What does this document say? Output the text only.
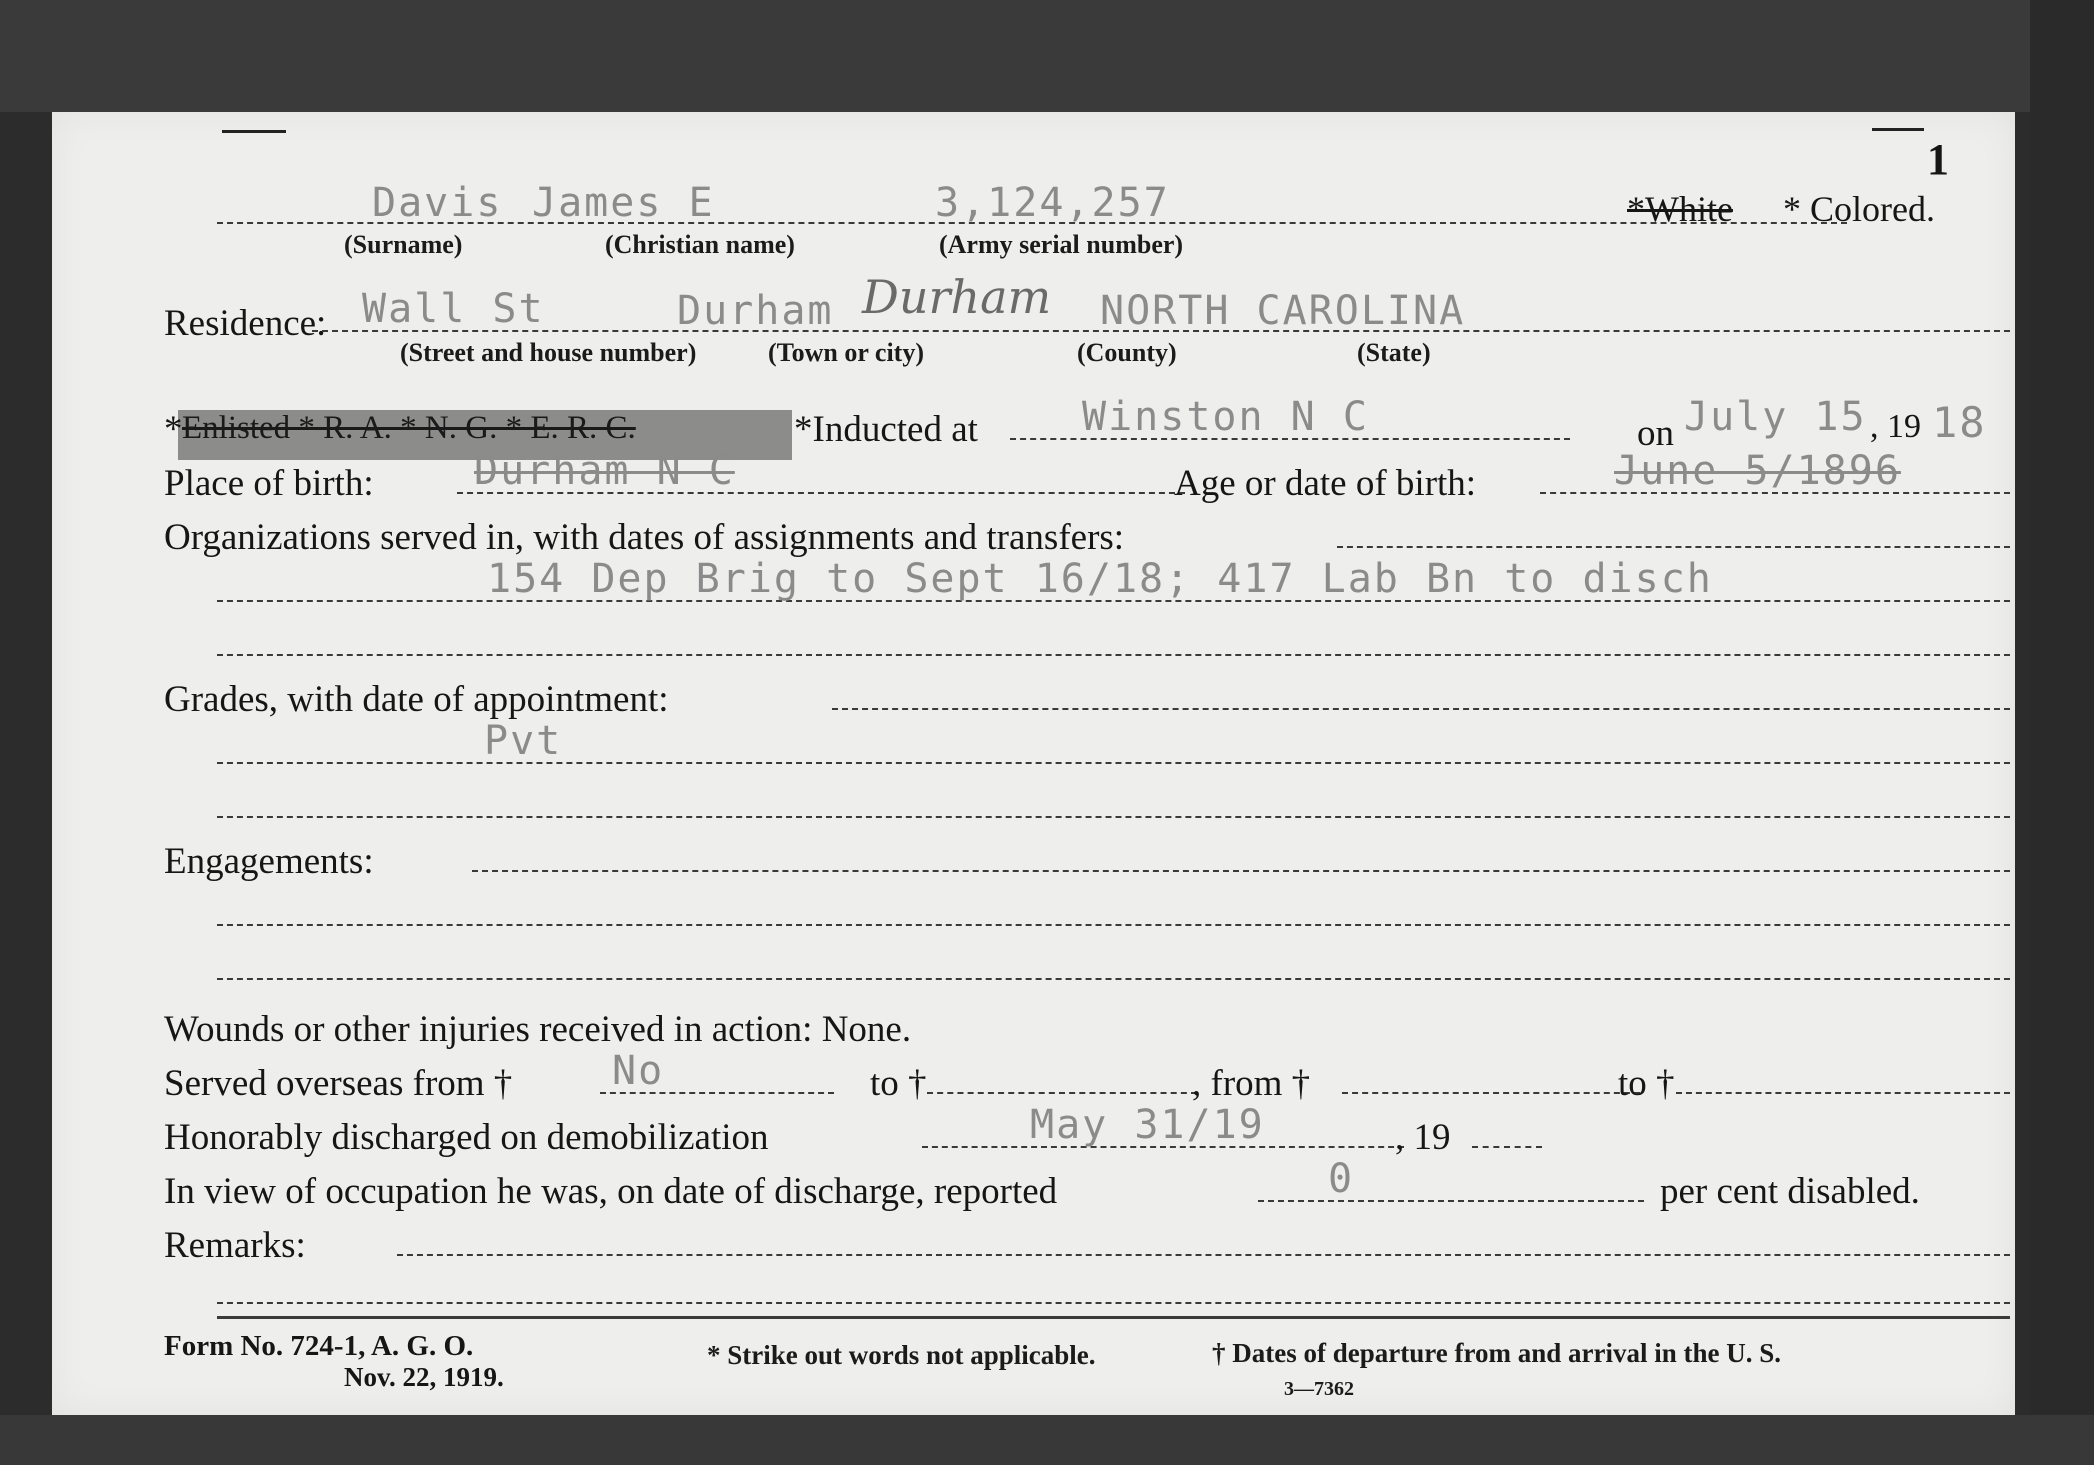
1
Davis James E	3,124,257	*White * Colored.
(Surname)	(Christian name)	(Army serial number)
Residence: Wall St	Durham Durham NORTH CAROLINA
(Street and house number)	(Town or city)	(County)	(State)
* Enlisted * R. A. * N. G. * E. R. C.	*Inducted at	Winston N C	on July 15 , 19 18
Place of birth:	Durham N C	Age or date of birth:	June 5/1896
Organizations served in, with dates of assignments and transfers:
154 Dep Brig to Sept 16/18; 417 Lab Bn to disch
Grades, with date of appointment:
Pvt
Engagements:
Wounds or other injuries received in action: None.
Served overseas from † No	to †	, from †	to †
Honorably discharged on demobilization	May 31/19	, 19
In view of occupation he was, on date of discharge, reported	0	per cent disabled.
Remarks:
Form No. 724-1, A. G. O.
Nov. 22, 1919.
* Strike out words not applicable.	† Dates of departure from and arrival in the U. S.
3—7362
